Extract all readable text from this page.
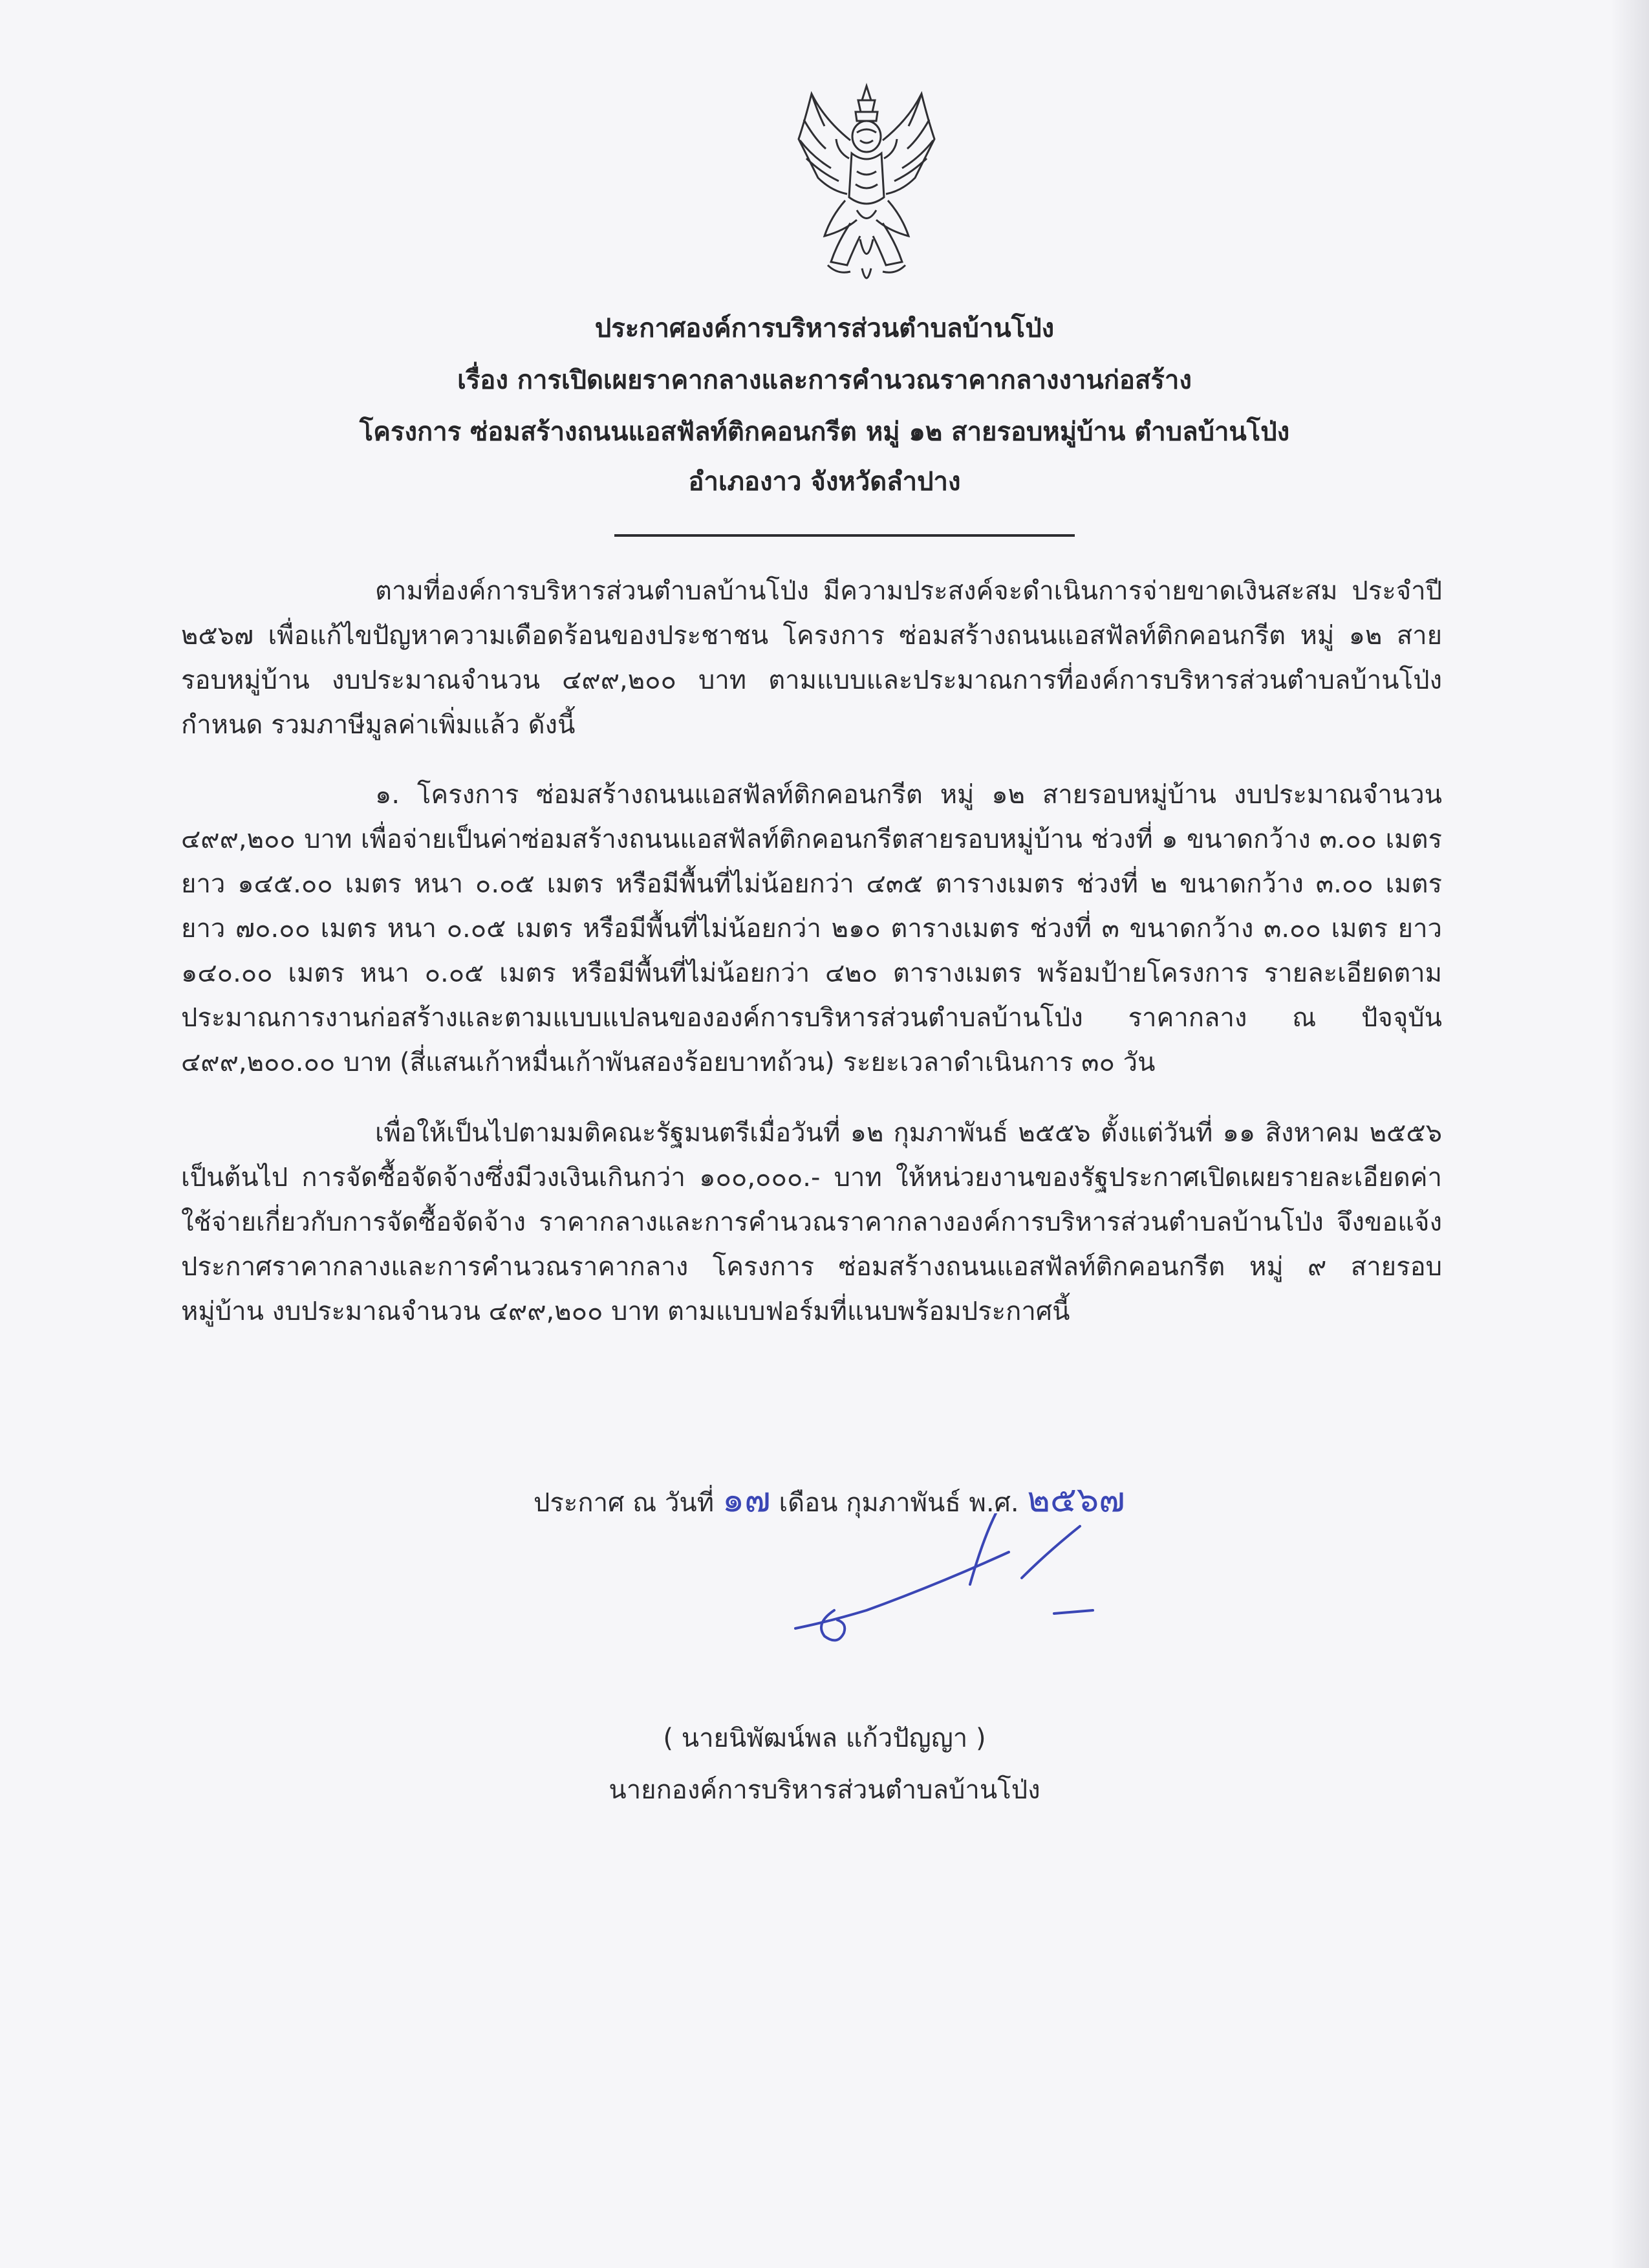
ประกาศองค์การบริหารส่วนตำบลบ้านโป่ง
เรื่อง การเปิดเผยราคากลางและการคำนวณราคากลางงานก่อสร้าง
โครงการ ซ่อมสร้างถนนแอสฟัลท์ติกคอนกรีต หมู่ ๑๒ สายรอบหมู่บ้าน ตำบลบ้านโป่ง
อำเภองาว จังหวัดลำปาง
ตามที่องค์การบริหารส่วนตำบลบ้านโป่ง มีความประสงค์จะดำเนินการจ่ายขาดเงินสะสม ประจำปี ๒๕๖๗ เพื่อแก้ไขปัญหาความเดือดร้อนของประชาชน โครงการ ซ่อมสร้างถนนแอสฟัลท์ติกคอนกรีต หมู่ ๑๒ สายรอบหมู่บ้าน งบประมาณจำนวน ๔๙๙,๒๐๐ บาท ตามแบบและประมาณการที่องค์การบริหารส่วนตำบลบ้านโป่งกำหนด รวมภาษีมูลค่าเพิ่มแล้ว ดังนี้
๑. โครงการ ซ่อมสร้างถนนแอสฟัลท์ติกคอนกรีต หมู่ ๑๒ สายรอบหมู่บ้าน งบประมาณจำนวน ๔๙๙,๒๐๐ บาท เพื่อจ่ายเป็นค่าซ่อมสร้างถนนแอสฟัลท์ติกคอนกรีตสายรอบหมู่บ้าน ช่วงที่ ๑ ขนาดกว้าง ๓.๐๐ เมตร ยาว ๑๔๕.๐๐ เมตร หนา ๐.๐๕ เมตร หรือมีพื้นที่ไม่น้อยกว่า ๔๓๕ ตารางเมตร ช่วงที่ ๒ ขนาดกว้าง ๓.๐๐ เมตร ยาว ๗๐.๐๐ เมตร หนา ๐.๐๕ เมตร หรือมีพื้นที่ไม่น้อยกว่า ๒๑๐ ตารางเมตร ช่วงที่ ๓ ขนาดกว้าง ๓.๐๐ เมตร ยาว ๑๔๐.๐๐ เมตร หนา ๐.๐๕ เมตร หรือมีพื้นที่ไม่น้อยกว่า ๔๒๐ ตารางเมตร พร้อมป้ายโครงการ รายละเอียดตามประมาณการงานก่อสร้างและตามแบบแปลนขององค์การบริหารส่วนตำบลบ้านโป่ง ราคากลาง ณ ปัจจุบัน ๔๙๙,๒๐๐.๐๐ บาท (สี่แสนเก้าหมื่นเก้าพันสองร้อยบาทถ้วน) ระยะเวลาดำเนินการ ๓๐ วัน
เพื่อให้เป็นไปตามมติคณะรัฐมนตรีเมื่อวันที่ ๑๒ กุมภาพันธ์ ๒๕๕๖ ตั้งแต่วันที่ ๑๑ สิงหาคม ๒๕๕๖ เป็นต้นไป การจัดซื้อจัดจ้างซึ่งมีวงเงินเกินกว่า ๑๐๐,๐๐๐.- บาท ให้หน่วยงานของรัฐประกาศเปิดเผยรายละเอียดค่าใช้จ่ายเกี่ยวกับการจัดซื้อจัดจ้าง ราคากลางและการคำนวณราคากลางองค์การบริหารส่วนตำบลบ้านโป่ง จึงขอแจ้งประกาศราคากลางและการคำนวณราคากลาง โครงการ ซ่อมสร้างถนนแอสฟัลท์ติกคอนกรีต หมู่ ๙ สายรอบหมู่บ้าน งบประมาณจำนวน ๔๙๙,๒๐๐ บาท ตามแบบฟอร์มที่แนบพร้อมประกาศนี้
ประกาศ ณ วันที่ ๑๗ เดือน กุมภาพันธ์ พ.ศ. ๒๕๖๗
( นายนิพัฒน์พล แก้วปัญญา )
นายกองค์การบริหารส่วนตำบลบ้านโป่ง
